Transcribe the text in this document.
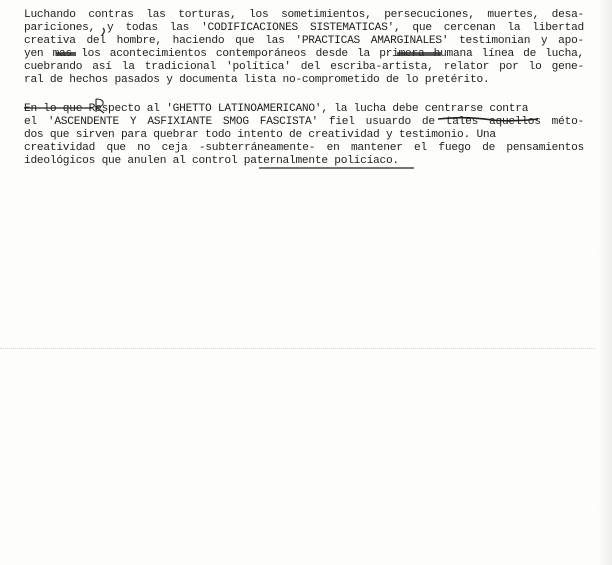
Luchando contras las torturas, los sometimientos, persecuciones, muertes, desa-
pariciones, y todas las 'CODIFICACIONES SISTEMATICAS', que cercenan la libertad
creativa del hombre, haciendo que las 'PRACTICAS AMARGINALES' testimonian y apo-
yen mas los acontecimientos contemporáneos desde la primera humana línea de lucha,
cuebrando así la tradicional 'política' del escriba-artista, relator por lo gene-
ral de hechos pasados y documenta lista no-comprometido de lo pretérito.
En lo que Respecto al 'GHETTO LATINOAMERICANO', la lucha debe centrarse contra
el 'ASCENDENTE Y ASFIXIANTE SMOG FASCISTA' fiel usuardo de tales aquellos méto-
dos que sirven para quebrar todo intento de creatividad y testimonio. Una
creatividad que no ceja -subterráneamente- en mantener el fuego de pensamientos
ideológicos que anulen al control paternalmente policíaco.
